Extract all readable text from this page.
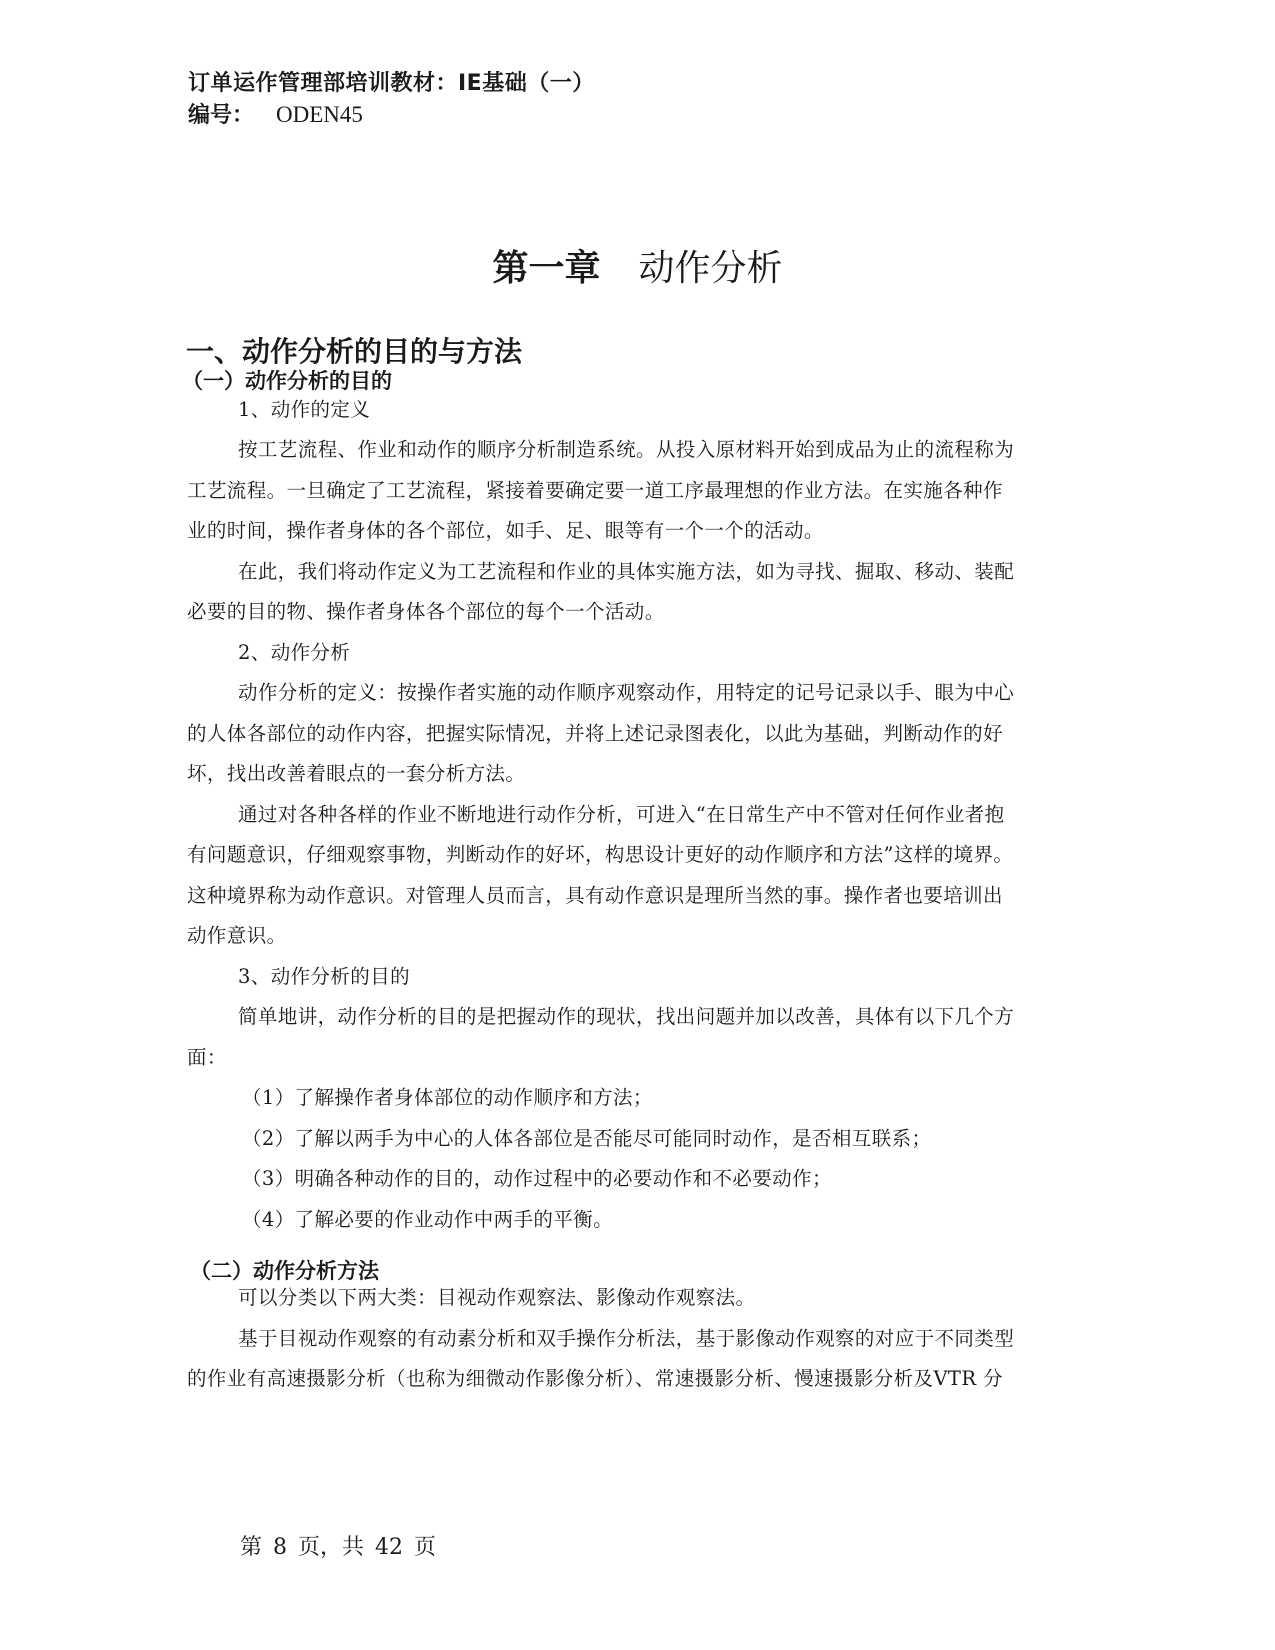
订单运作管理部培训教材：IE基础（一）
编号： ODEN45
第一章 动作分析
一、动作分析的目的与方法
（一）动作分析的目的
1、动作的定义
按工艺流程、作业和动作的顺序分析制造系统。从投入原材料开始到成品为止的流程称为
工艺流程。一旦确定了工艺流程，紧接着要确定要一道工序最理想的作业方法。在实施各种作
业的时间，操作者身体的各个部位，如手、足、眼等有一个一个的活动。
在此，我们将动作定义为工艺流程和作业的具体实施方法，如为寻找、掘取、移动、装配
必要的目的物、操作者身体各个部位的每个一个活动。
2、动作分析
动作分析的定义：按操作者实施的动作顺序观察动作，用特定的记号记录以手、眼为中心
的人体各部位的动作内容，把握实际情况，并将上述记录图表化，以此为基础，判断动作的好
坏，找出改善着眼点的一套分析方法。
通过对各种各样的作业不断地进行动作分析，可进入“在日常生产中不管对任何作业者抱
有问题意识，仔细观察事物，判断动作的好坏，构思设计更好的动作顺序和方法”这样的境界。
这种境界称为动作意识。对管理人员而言，具有动作意识是理所当然的事。操作者也要培训出
动作意识。
3、动作分析的目的
简单地讲，动作分析的目的是把握动作的现状，找出问题并加以改善，具体有以下几个方
面：
（1）了解操作者身体部位的动作顺序和方法；
（2）了解以两手为中心的人体各部位是否能尽可能同时动作，是否相互联系；
（3）明确各种动作的目的，动作过程中的必要动作和不必要动作；
（4）了解必要的作业动作中两手的平衡。
（二）动作分析方法
可以分类以下两大类：目视动作观察法、影像动作观察法。
基于目视动作观察的有动素分析和双手操作分析法，基于影像动作观察的对应于不同类型
的作业有高速摄影分析（也称为细微动作影像分析）、常速摄影分析、慢速摄影分析及VTR 分
第 8 页，共 42 页
